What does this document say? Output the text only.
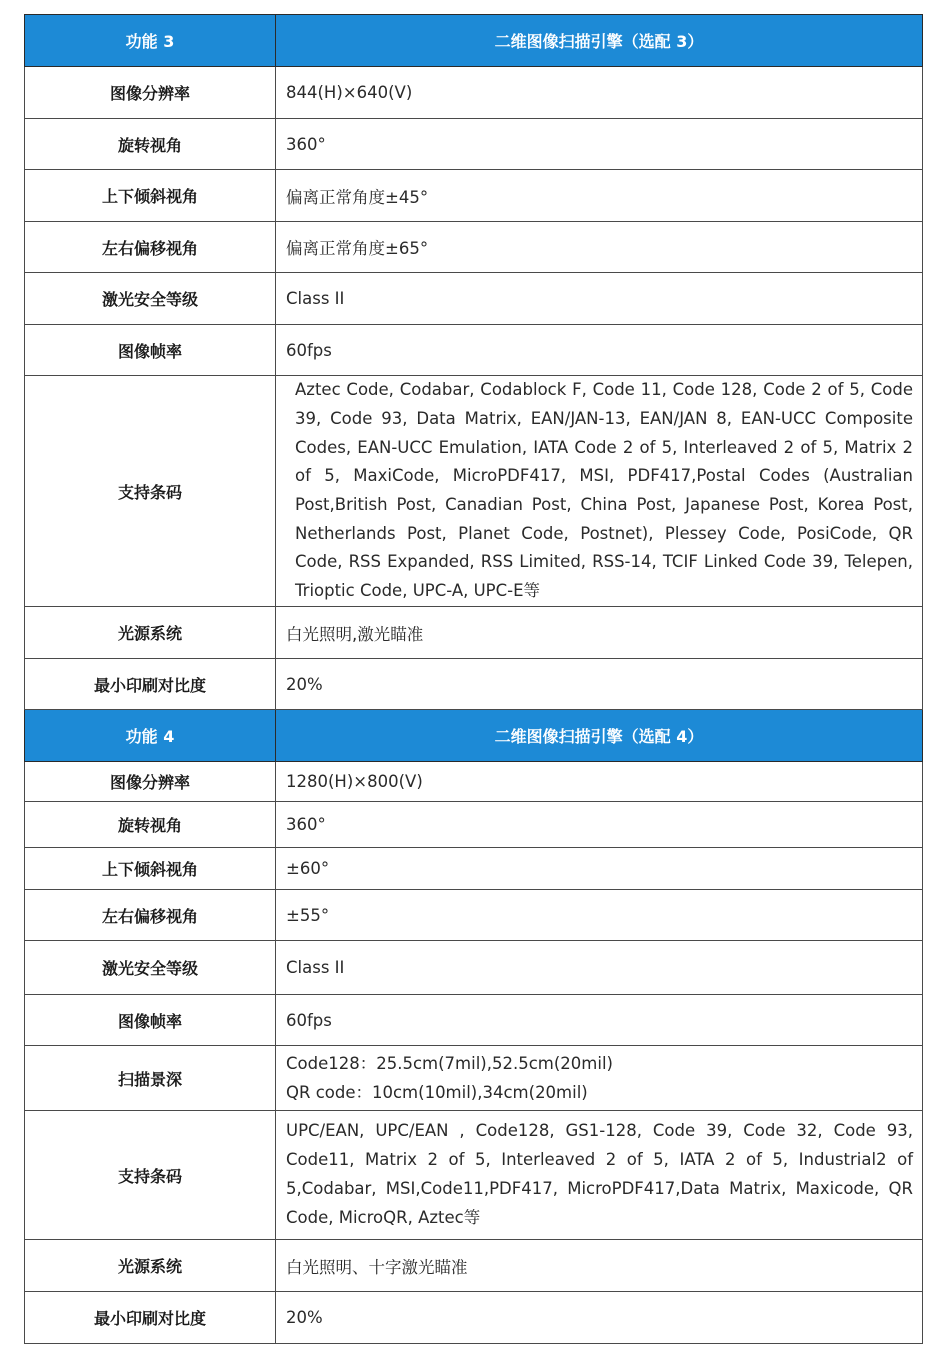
功能 3	二维图像扫描引擎（选配 3）
图像分辨率	844(H)×640(V)
旋转视角	360°
上下倾斜视角	偏离正常角度±45°
左右偏移视角	偏离正常角度±65°
激光安全等级	Class II
图像帧率	60fps
支持条码	Aztec Code, Codabar, Codablock F, Code 11, Code 128, Code 2 of 5, Code 39, Code 93, Data Matrix, EAN/JAN-13, EAN/JAN 8, EAN-UCC Composite Codes, EAN-UCC Emulation, IATA Code 2 of 5, Interleaved 2 of 5, Matrix 2 of 5, MaxiCode, MicroPDF417, MSI, PDF417,Postal Codes (Australian Post,British Post, Canadian Post, China Post, Japanese Post, Korea Post, Netherlands Post, Planet Code, Postnet), Plessey Code, PosiCode, QR Code, RSS Expanded, RSS Limited, RSS-14, TCIF Linked Code 39, Telepen, Trioptic Code, UPC-A, UPC-E等
光源系统	白光照明,激光瞄准
最小印刷对比度	20%
功能 4	二维图像扫描引擎（选配 4）
图像分辨率	1280(H)×800(V)
旋转视角	360°
上下倾斜视角	±60°
左右偏移视角	±55°
激光安全等级	Class II
图像帧率	60fps
扫描景深	Code128：25.5cm(7mil),52.5cm(20mil)
QR code：10cm(10mil),34cm(20mil)

支持条码	UPC/EAN, UPC/EAN , Code128, GS1-128, Code 39, Code 32, Code 93, Code11, Matrix 2 of 5, Interleaved 2 of 5, IATA 2 of 5, Industrial2 of 5,Codabar, MSI,Code11,PDF417, MicroPDF417,Data Matrix, Maxicode, QR Code, MicroQR, Aztec等
光源系统	白光照明、十字激光瞄准
最小印刷对比度	20%
